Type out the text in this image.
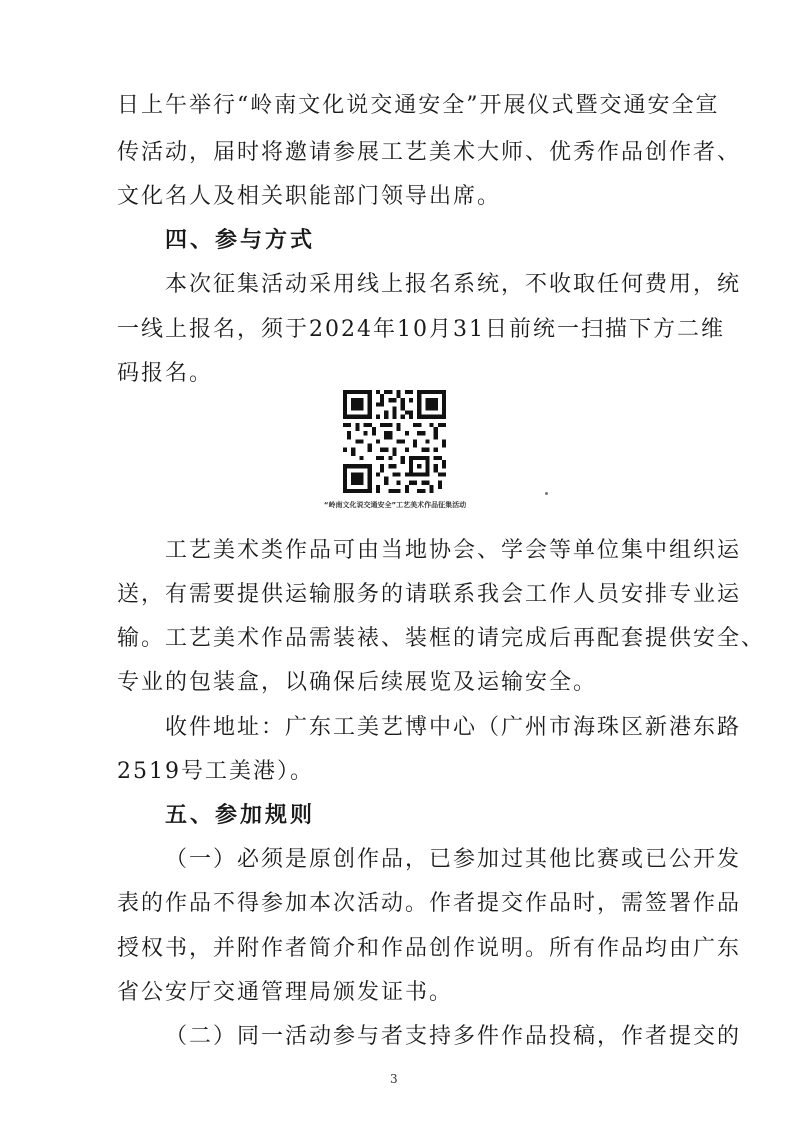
日上午举行“岭南文化说交通安全”开展仪式暨交通安全宣
传活动，届时将邀请参展工艺美术大师、优秀作品创作者、
文化名人及相关职能部门领导出席。
四、参与方式
本次征集活动采用线上报名系统，不收取任何费用，统
一线上报名，须于2024年10月31日前统一扫描下方二维
码报名。
“岭南文化说交通安全”工艺美术作品征集活动
工艺美术类作品可由当地协会、学会等单位集中组织运
送，有需要提供运输服务的请联系我会工作人员安排专业运
输。工艺美术作品需装裱、装框的请完成后再配套提供安全、
专业的包装盒，以确保后续展览及运输安全。
收件地址：广东工美艺博中心（广州市海珠区新港东路
2519号工美港）。
五、参加规则
（一）必须是原创作品，已参加过其他比赛或已公开发
表的作品不得参加本次活动。作者提交作品时，需签署作品
授权书，并附作者简介和作品创作说明。所有作品均由广东
省公安厅交通管理局颁发证书。
（二）同一活动参与者支持多件作品投稿，作者提交的
3
